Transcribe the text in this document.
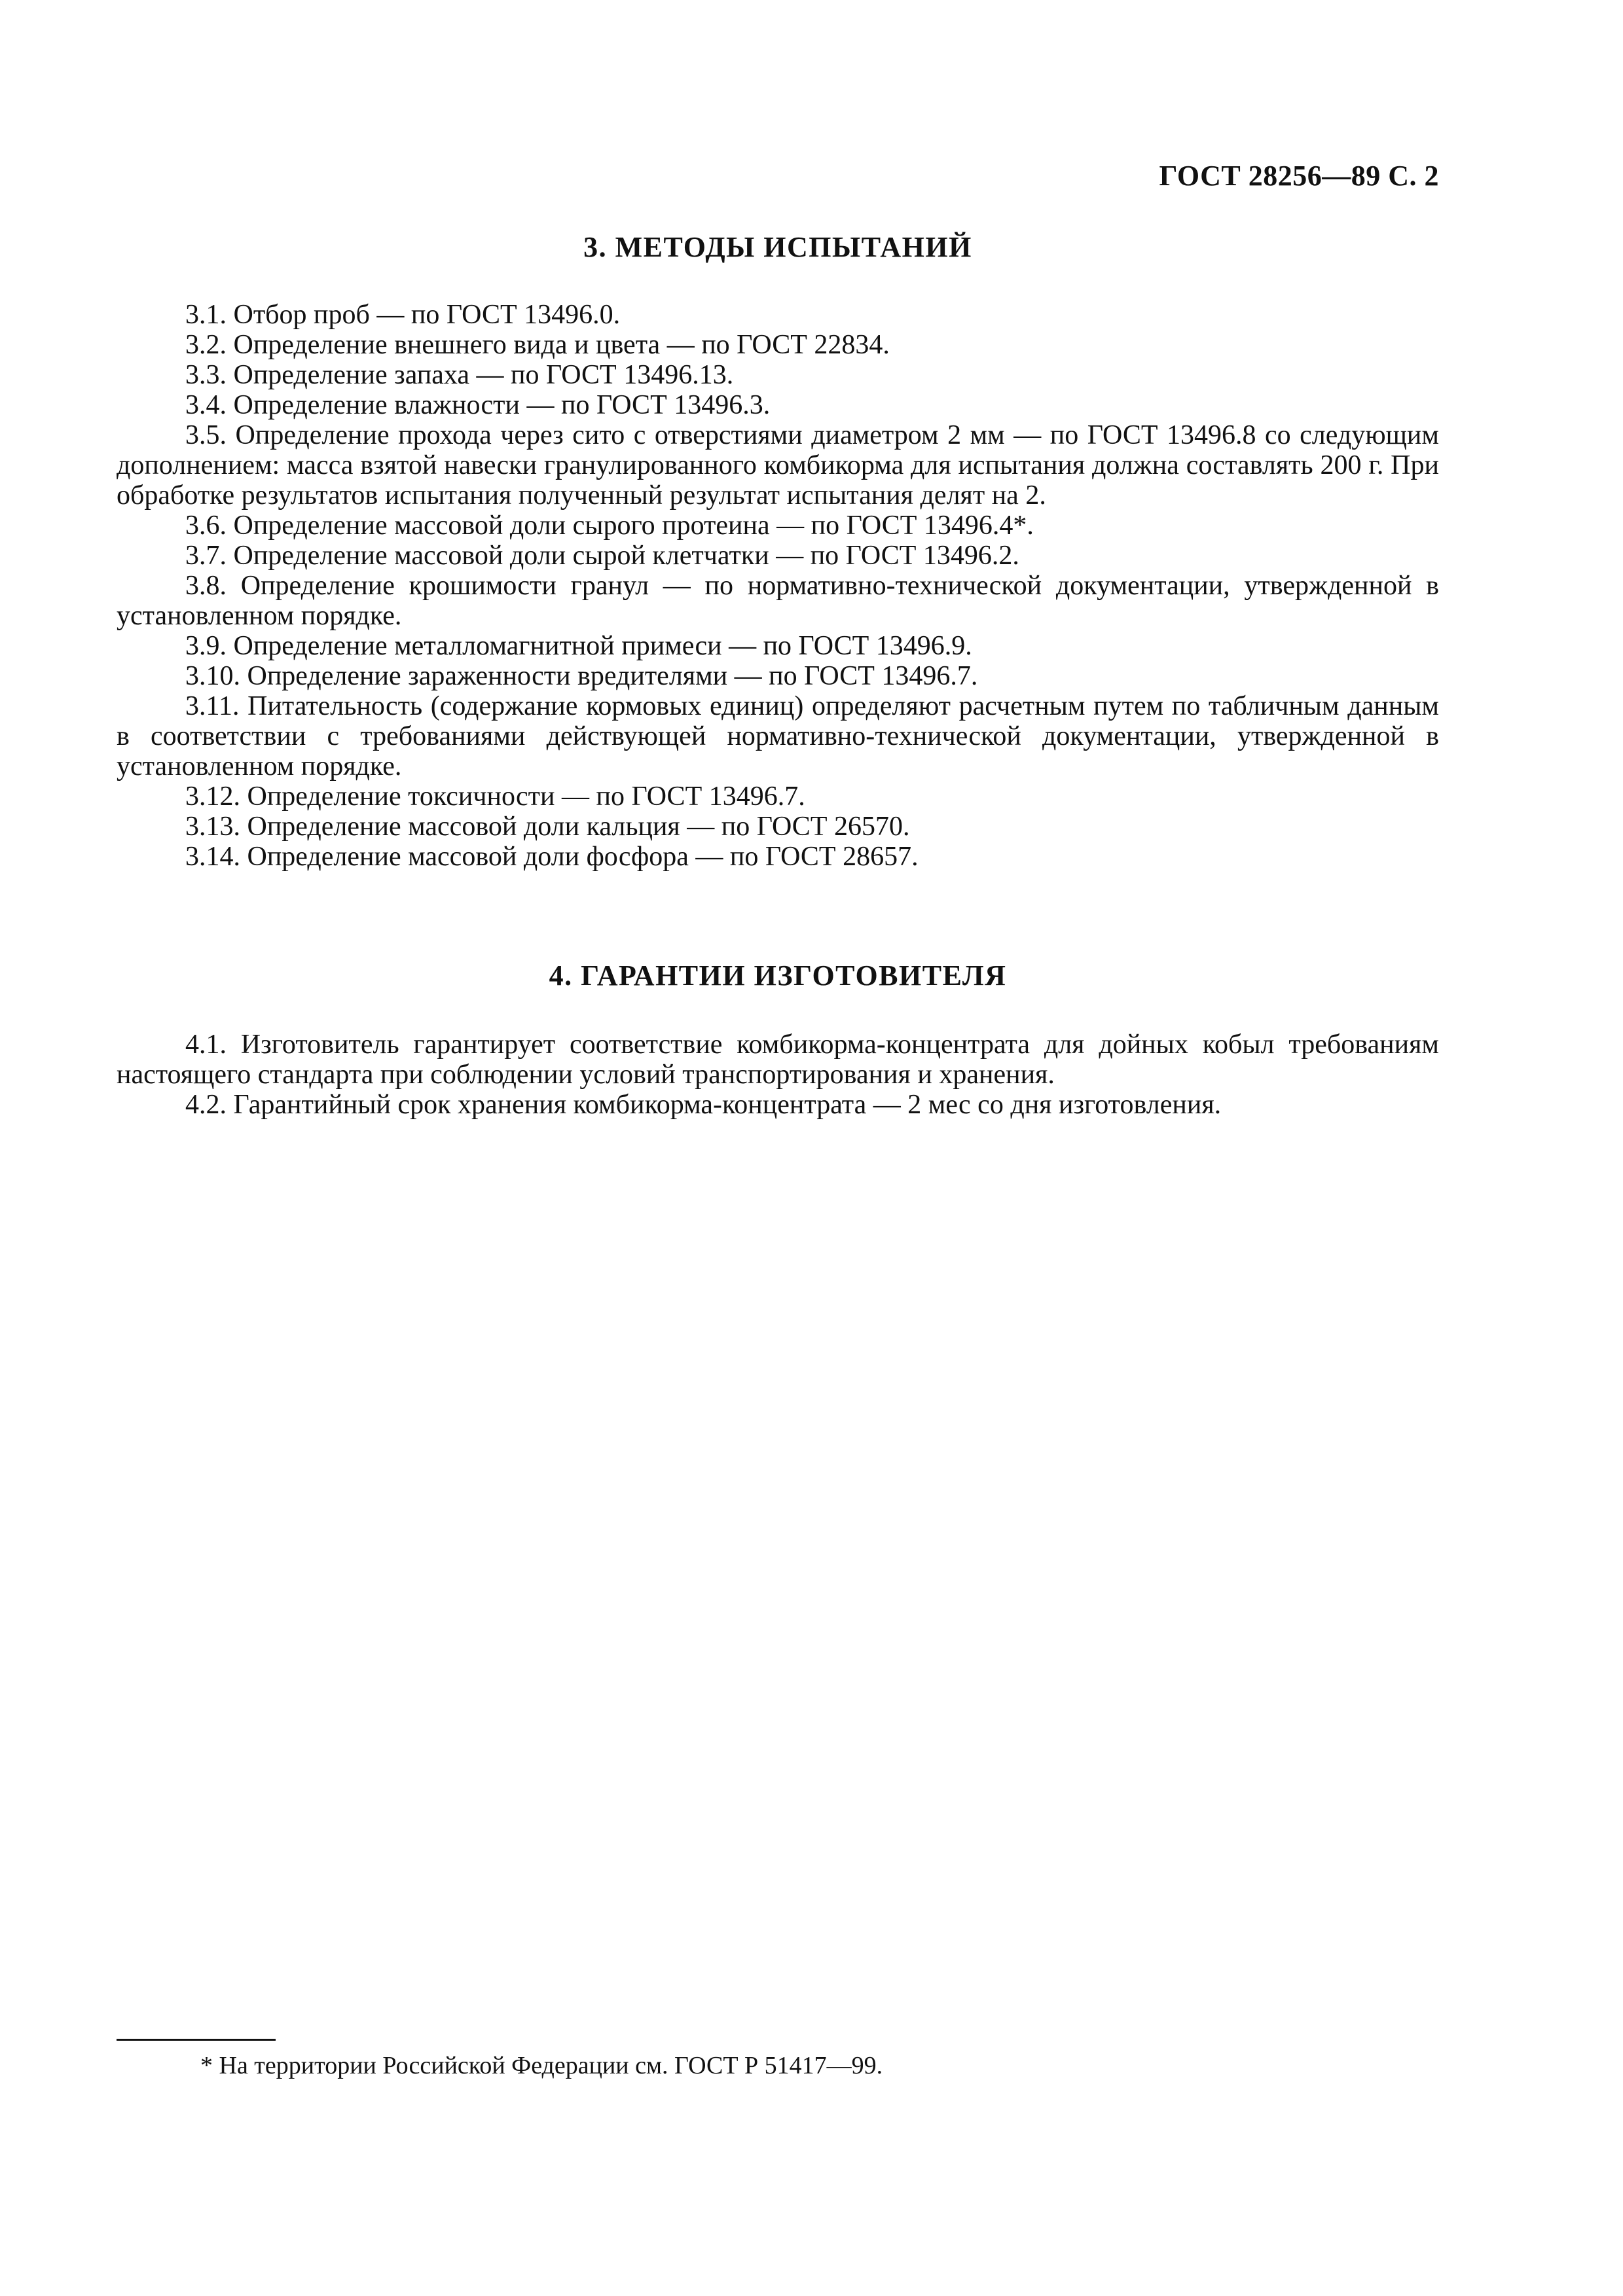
ГОСТ 28256—89 С. 2
3. МЕТОДЫ ИСПЫТАНИЙ

3.1. Отбор проб — по ГОСТ 13496.0.

3.2. Определение внешнего вида и цвета — по ГОСТ 22834.

3.3. Определение запаха — по ГОСТ 13496.13.

3.4. Определение влажности — по ГОСТ 13496.3.

3.5. Определение прохода через сито с отверстиями диаметром 2 мм — по ГОСТ 13496.8 со следующим дополнением: масса взятой навески гранулированного комбикорма для испытания должна составлять 200 г. При обработке результатов испытания полученный результат испытания делят на 2.

3.6. Определение массовой доли сырого протеина — по ГОСТ 13496.4*.

3.7. Определение массовой доли сырой клетчатки — по ГОСТ 13496.2.

3.8. Определение крошимости гранул — по нормативно-технической документации, утвержденной в установленном порядке.

3.9. Определение металломагнитной примеси — по ГОСТ 13496.9.

3.10. Определение зараженности вредителями — по ГОСТ 13496.7.

3.11. Питательность (содержание кормовых единиц) определяют расчетным путем по табличным данным в соответствии с требованиями действующей нормативно-технической документации, утвержденной в установленном порядке.

3.12. Определение токсичности — по ГОСТ 13496.7.

3.13. Определение массовой доли кальция — по ГОСТ 26570.

3.14. Определение массовой доли фосфора — по ГОСТ 28657.

4. ГАРАНТИИ ИЗГОТОВИТЕЛЯ

4.1. Изготовитель гарантирует соответствие комбикорма-концентрата для дойных кобыл требованиям настоящего стандарта при соблюдении условий транспортирования и хранения.

4.2. Гарантийный срок хранения комбикорма-концентрата — 2 мес со дня изготовления.

* На территории Российской Федерации см. ГОСТ Р 51417—99.
